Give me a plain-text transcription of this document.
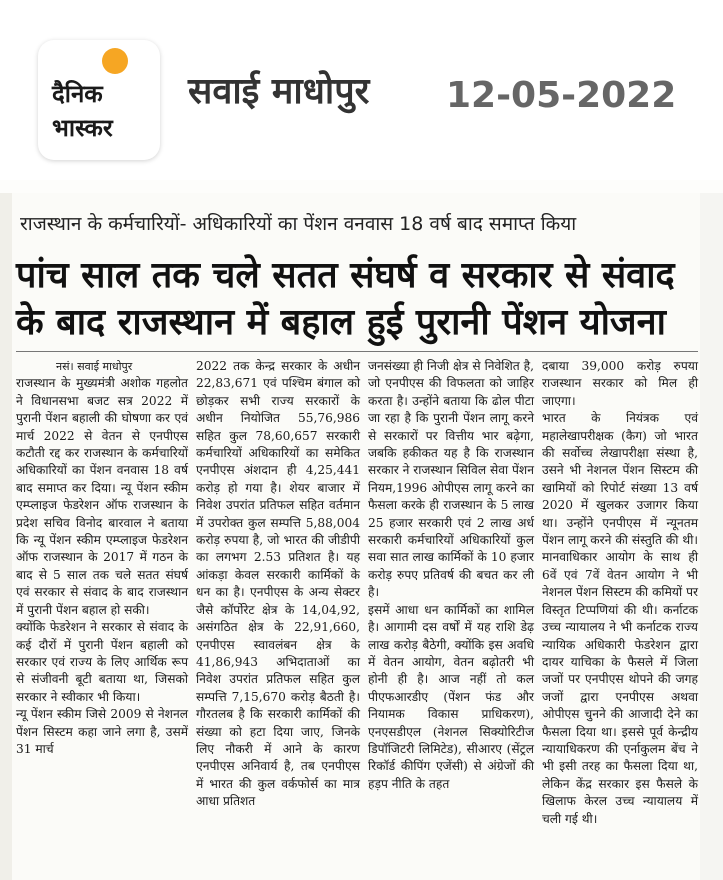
दैनिक
भास्कर
सवाई माधोपुर 12-05-2022
राजस्थान के कर्मचारियों- अधिकारियों का पेंशन वनवास 18 वर्ष बाद समाप्त किया
पांच साल तक चले सतत संघर्ष व सरकार से संवाद
के बाद राजस्थान में बहाल हुई पुरानी पेंशन योजना
नसं। सवाई माधोपुर
राजस्थान के मुख्यमंत्री अशोक गहलोत ने विधानसभा बजट सत्र 2022 में पुरानी पेंशन बहाली की घोषणा कर एवं मार्च 2022 से वेतन से एनपीएस कटौती रद्द कर राजस्थान के कर्मचारियों अधिकारियों का पेंशन वनवास 18 वर्ष बाद समाप्त कर दिया। न्यू पेंशन स्कीम एम्प्लाइज फेडरेशन ऑफ राजस्थान के प्रदेश सचिव विनोद बारवाल ने बताया कि न्यू पेंशन स्कीम एम्प्लाइज फेडरेशन ऑफ राजस्थान के 2017 में गठन के बाद से 5 साल तक चले सतत संघर्ष एवं सरकार से संवाद के बाद राजस्थान में पुरानी पेंशन बहाल हो सकी।
क्योंकि फेडरेशन ने सरकार से संवाद के कई दौरों में पुरानी पेंशन बहाली को सरकार एवं राज्य के लिए आर्थिक रूप से संजीवनी बूटी बताया था, जिसको सरकार ने स्वीकार भी किया।
न्यू पेंशन स्कीम जिसे 2009 से नेशनल पेंशन सिस्टम कहा जाने लगा है, उसमें 31 मार्च
2022 तक केन्द्र सरकार के अधीन 22,83,671 एवं पश्चिम बंगाल को छोड़कर सभी राज्य सरकारों के अधीन नियोजित 55,76,986 सहित कुल 78,60,657 सरकारी कर्मचारियों अधिकारियों का समेकित एनपीएस अंशदान ही 4,25,441 करोड़ हो गया है। शेयर बाजार में निवेश उपरांत प्रतिफल सहित वर्तमान में उपरोक्त कुल सम्पत्ति 5,88,004 करोड़ रुपया है, जो भारत की जीडीपी का लगभग 2.53 प्रतिशत है। यह आंकड़ा केवल सरकारी कार्मिकों के धन का है। एनपीएस के अन्य सेक्टर जैसे कॉर्पोरेट क्षेत्र के 14,04,92, असंगठित क्षेत्र के 22,91,660, एनपीएस स्वावलंबन क्षेत्र के 41,86,943 अभिदाताओं का निवेश उपरांत प्रतिफल सहित कुल सम्पत्ति 7,15,670 करोड़ बैठती है। गौरतलब है कि सरकारी कार्मिकों की संख्या को हटा दिया जाए, जिनके लिए नौकरी में आने के कारण एनपीएस अनिवार्य है, तब एनपीएस में भारत की कुल वर्कफोर्स का मात्र आधा प्रतिशत
जनसंख्या ही निजी क्षेत्र से निवेशित है, जो एनपीएस की विफलता को जाहिर करता है। उन्होंने बताया कि ढोल पीटा जा रहा है कि पुरानी पेंशन लागू करने से सरकारों पर वित्तीय भार बढ़ेगा, जबकि हकीकत यह है कि राजस्थान सरकार ने राजस्थान सिविल सेवा पेंशन नियम,1996 ओपीएस लागू करने का फैसला करके ही राजस्थान के 5 लाख 25 हजार सरकारी एवं 2 लाख अर्ध सरकारी कर्मचारियों अधिकारियों कुल सवा सात लाख कार्मिकों के 10 हजार करोड़ रुपए प्रतिवर्ष की बचत कर ली है।
इसमें आधा धन कार्मिकों का शामिल है। आगामी दस वर्षों में यह राशि डेढ़ लाख करोड़ बैठेगी, क्योंकि इस अवधि में वेतन आयोग, वेतन बढ़ोतरी भी होनी ही है। आज नहीं तो कल पीएफआरडीए (पेंशन फंड और नियामक विकास प्राधिकरण), एनएसडीएल (नेशनल सिक्योरिटीज डिपॉजिटरी लिमिटेड), सीआरए (सेंट्रल रिकॉर्ड कीपिंग एजेंसी) से अंग्रेजों की हड़प नीति के तहत
दबाया 39,000 करोड़ रुपया राजस्थान सरकार को मिल ही जाएगा।
भारत के नियंत्रक एवं महालेखापरीक्षक (कैग) जो भारत की सर्वोच्च लेखापरीक्षा संस्था है, उसने भी नेशनल पेंशन सिस्टम की खामियों को रिपोर्ट संख्या 13 वर्ष 2020 में खुलकर उजागर किया था। उन्होंने एनपीएस में न्यूनतम पेंशन लागू करने की संस्तुति की थी। मानवाधिकार आयोग के साथ ही 6वें एवं 7वें वेतन आयोग ने भी नेशनल पेंशन सिस्टम की कमियों पर विस्तृत टिप्पणियां की थी। कर्नाटक उच्च न्यायालय ने भी कर्नाटक राज्य न्यायिक अधिकारी फेडरेशन द्वारा दायर याचिका के फैसले में जिला जजों पर एनपीएस थोपने की जगह जजों द्वारा एनपीएस अथवा ओपीएस चुनने की आजादी देने का फैसला दिया था। इससे पूर्व केन्द्रीय न्यायाधिकरण की एर्नाकुलम बेंच ने भी इसी तरह का फैसला दिया था, लेकिन केंद्र सरकार इस फैसले के खिलाफ केरल उच्च न्यायालय में चली गई थी।
